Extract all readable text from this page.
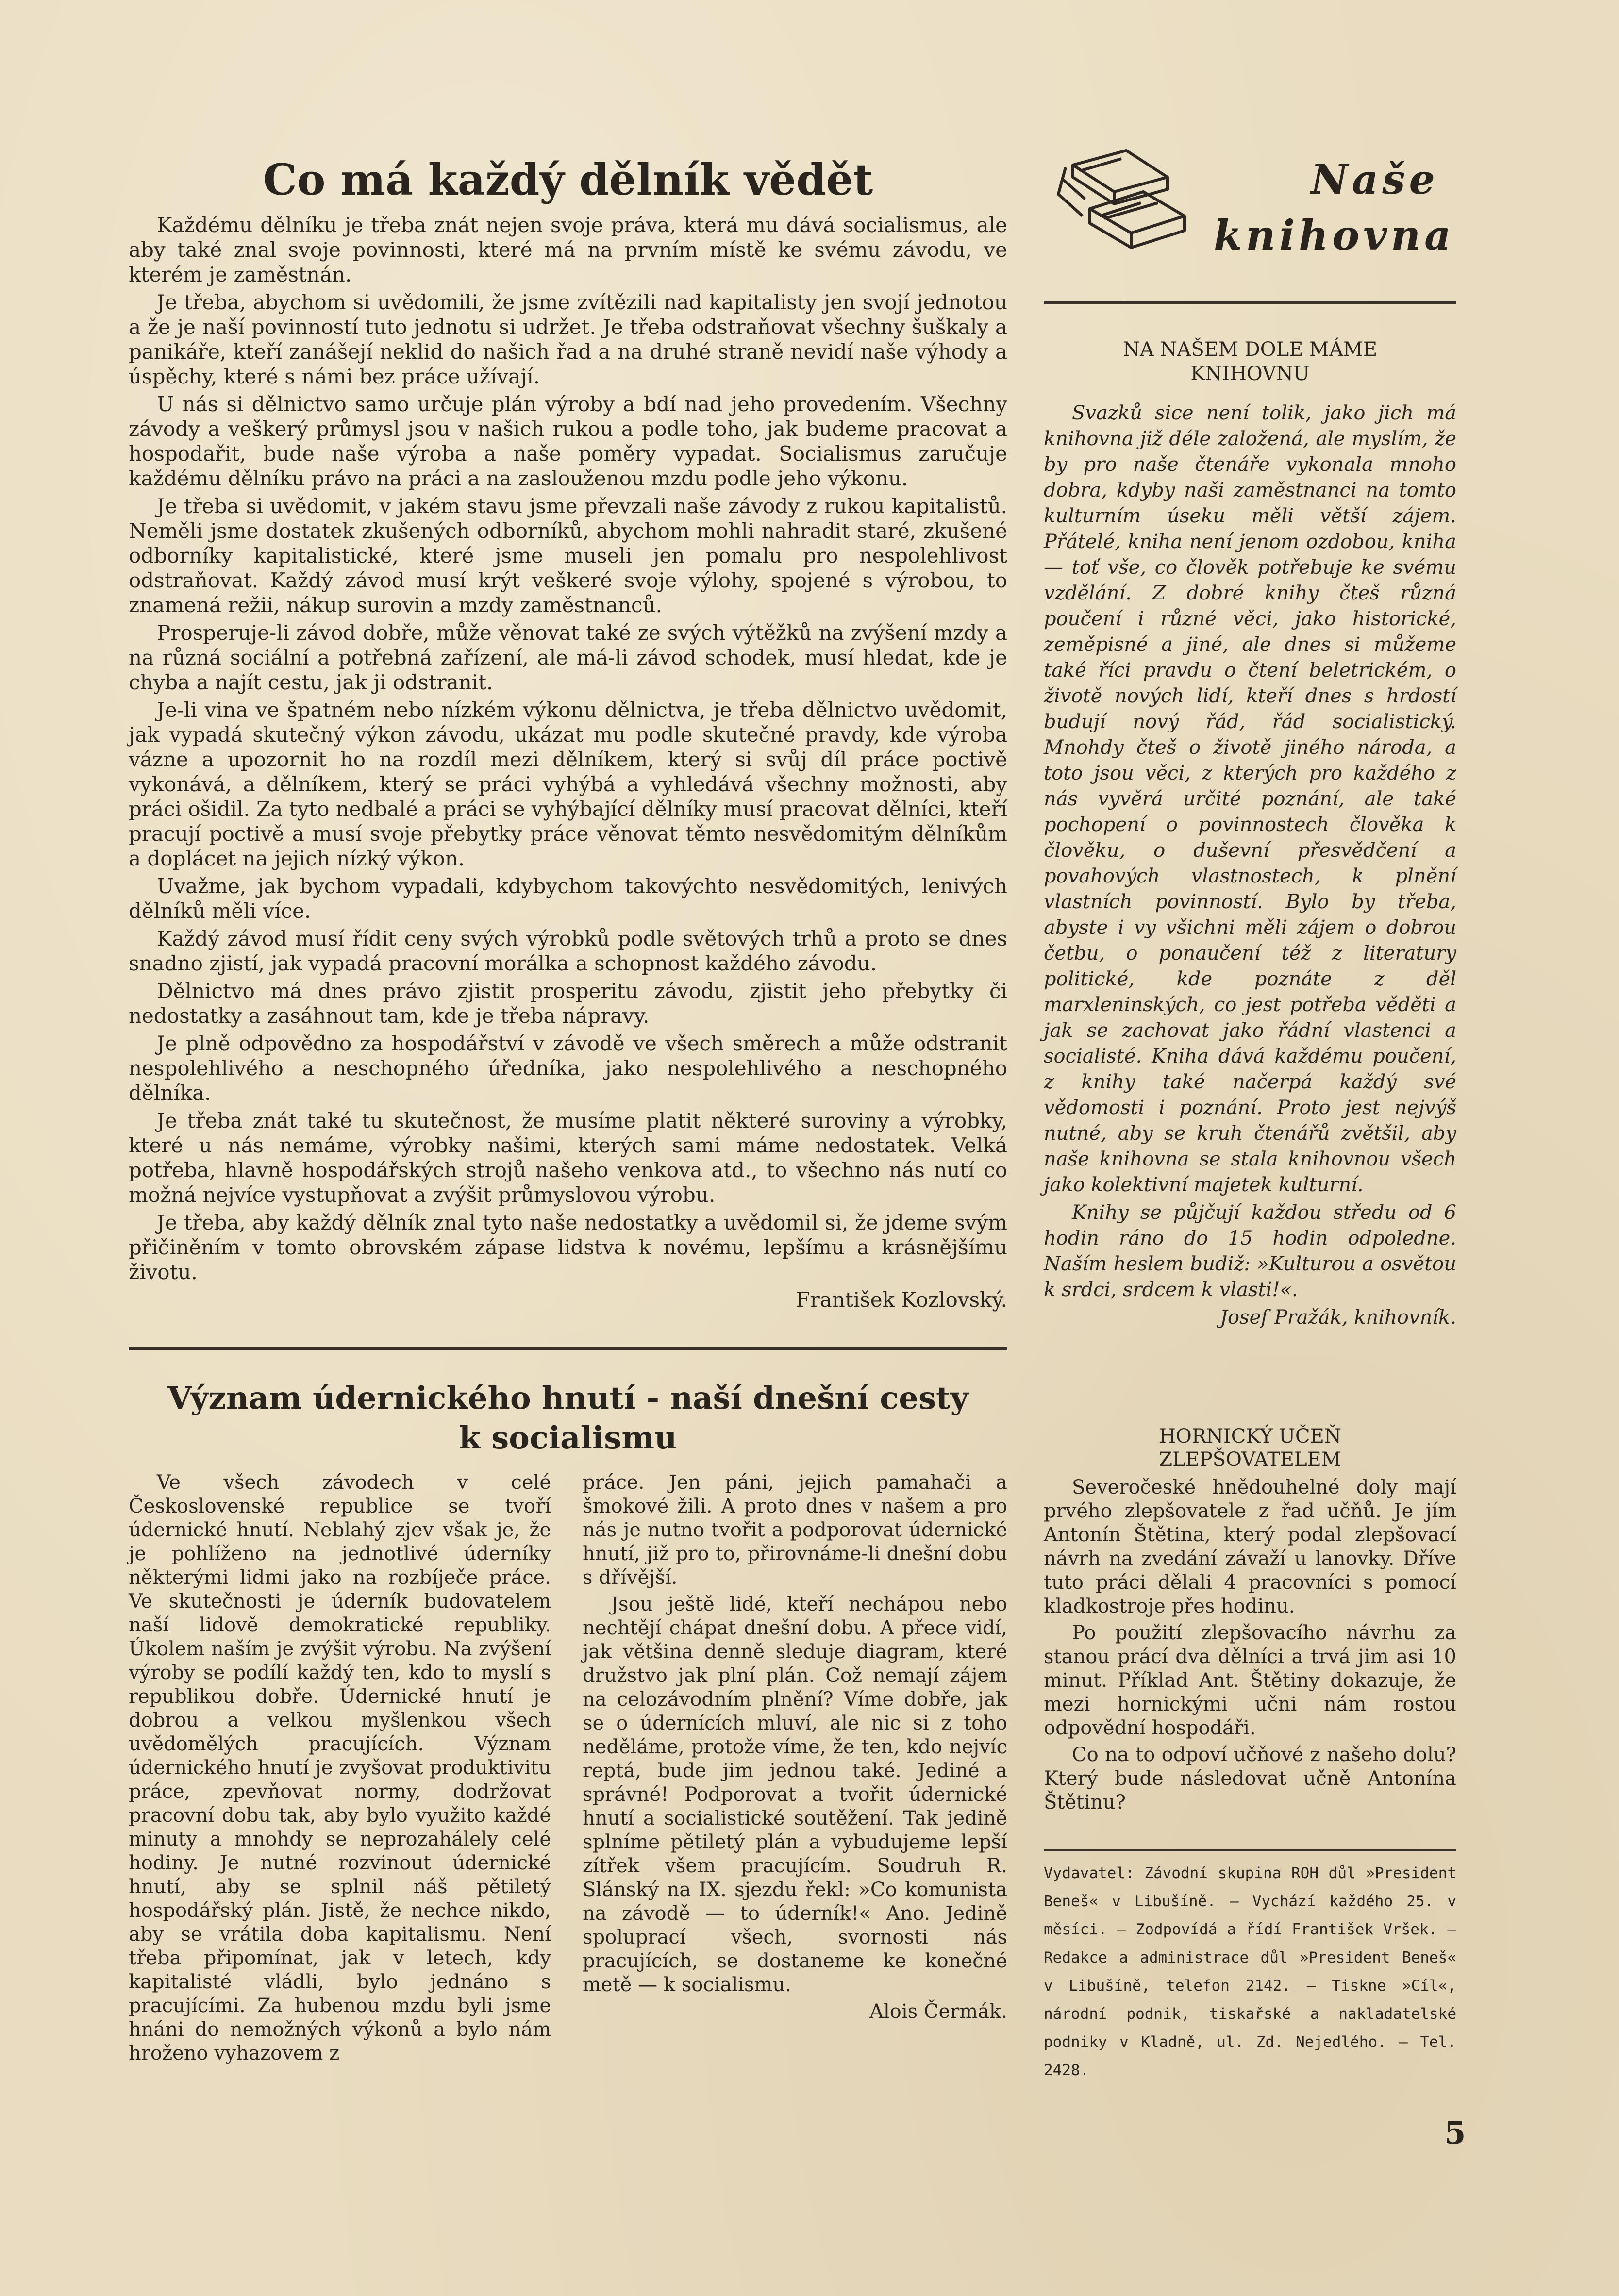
Co má každý dělník vědět

Každému dělníku je třeba znát nejen svoje práva, která mu dává socialismus, ale aby také znal svoje povinnosti, které má na prvním místě ke svému závodu, ve kterém je zaměstnán.

Je třeba, abychom si uvědomili, že jsme zvítězili nad kapitalisty jen svojí jednotou a že je naší povinností tuto jednotu si udržet. Je třeba odstraňovat všechny šuškaly a panikáře, kteří zanášejí neklid do našich řad a na druhé straně nevidí naše výhody a úspěchy, které s námi bez práce užívají.

U nás si dělnictvo samo určuje plán výroby a bdí nad jeho provedením. Všechny závody a veškerý průmysl jsou v našich rukou a podle toho, jak budeme pracovat a hospodařit, bude naše výroba a naše poměry vypadat. Socialismus zaručuje každému dělníku právo na práci a na zaslouženou mzdu podle jeho výkonu.

Je třeba si uvědomit, v jakém stavu jsme převzali naše závody z rukou kapitalistů. Neměli jsme dostatek zkušených odborníků, abychom mohli nahradit staré, zkušené odborníky kapitalistické, které jsme museli jen pomalu pro nespolehlivost odstraňovat. Každý závod musí krýt veškeré svoje výlohy, spojené s výrobou, to znamená režii, nákup surovin a mzdy zaměstnanců.

Prosperuje-li závod dobře, může věnovat také ze svých výtěžků na zvýšení mzdy a na různá sociální a potřebná zařízení, ale má-li závod schodek, musí hledat, kde je chyba a najít cestu, jak ji odstranit.

Je-li vina ve špatném nebo nízkém výkonu dělnictva, je třeba dělnictvo uvědomit, jak vypadá skutečný výkon závodu, ukázat mu podle skutečné pravdy, kde výroba vázne a upozornit ho na rozdíl mezi dělníkem, který si svůj díl práce poctivě vykonává, a dělníkem, který se práci vyhýbá a vyhledává všechny možnosti, aby práci ošidil. Za tyto nedbalé a práci se vyhýbající dělníky musí pracovat dělníci, kteří pracují poctivě a musí svoje přebytky práce věnovat těmto nesvědomitým dělníkům a doplácet na jejich nízký výkon.

Uvažme, jak bychom vypadali, kdybychom takovýchto nesvědomitých, lenivých dělníků měli více.

Každý závod musí řídit ceny svých výrobků podle světových trhů a proto se dnes snadno zjistí, jak vypadá pracovní morálka a schopnost každého závodu.

Dělnictvo má dnes právo zjistit prosperitu závodu, zjistit jeho přebytky či nedostatky a zasáhnout tam, kde je třeba nápravy.

Je plně odpovědno za hospodářství v závodě ve všech směrech a může odstranit nespolehlivého a neschopného úředníka, jako nespolehlivého a neschopného dělníka.

Je třeba znát také tu skutečnost, že musíme platit některé suroviny a výrobky, které u nás nemáme, výrobky našimi, kterých sami máme nedostatek. Velká potřeba, hlavně hospodářských strojů našeho venkova atd., to všechno nás nutí co možná nejvíce vystupňovat a zvýšit průmyslovou výrobu.

Je třeba, aby každý dělník znal tyto naše nedostatky a uvědomil si, že jdeme svým přičiněním v tomto obrovském zápase lidstva k novému, lepšímu a krásnějšímu životu.

František Kozlovský.

Význam údernického hnutí - naší dnešní cesty
k socialismu

Ve všech závodech v celé Československé republice se tvoří údernické hnutí. Neblahý zjev však je, že je pohlíženo na jednotlivé úderníky některými lidmi jako na rozbíječe práce. Ve skutečnosti je úderník budovatelem naší lidově demokratické republiky. Úkolem naším je zvýšit výrobu. Na zvýšení výroby se podílí každý ten, kdo to myslí s republikou dobře. Údernické hnutí je dobrou a velkou myšlenkou všech uvědomělých pracujících. Význam údernického hnutí je zvyšovat produktivitu práce, zpevňovat normy, dodržovat pracovní dobu tak, aby bylo využito každé minuty a mnohdy se neprozahálely celé hodiny. Je nutné rozvinout údernické hnutí, aby se splnil náš pětiletý hospodářský plán. Jistě, že nechce nikdo, aby se vrátila doba kapitalismu. Není třeba připomínat, jak v letech, kdy kapitalisté vládli, bylo jednáno s pracujícími. Za hubenou mzdu byli jsme hnáni do nemožných výkonů a bylo nám hroženo vyhazovem z

práce. Jen páni, jejich pamahači a šmokové žili. A proto dnes v našem a pro nás je nutno tvořit a podporovat údernické hnutí, již pro to, přirovnáme-li dnešní dobu s dřívější.

Jsou ještě lidé, kteří nechápou nebo nechtějí chápat dnešní dobu. A přece vidí, jak většina denně sleduje diagram, které družstvo jak plní plán. Což nemají zájem na celozávodním plnění? Víme dobře, jak se o údernících mluví, ale nic si z toho neděláme, protože víme, že ten, kdo nejvíc reptá, bude jim jednou také. Jediné a správné! Podporovat a tvořit údernické hnutí a socialistické soutěžení. Tak jedině splníme pětiletý plán a vybudujeme lepší zítřek všem pracujícím. Soudruh R. Slánský na IX. sjezdu řekl: »Co komunista na závodě — to úderník!« Ano. Jedině spoluprací všech, svornosti nás pracujících, se dostaneme ke konečné metě — k socialismu.

Alois Čermák.

Naše

knihovna

NA NAŠEM DOLE MÁME
KNIHOVNU

Svazků sice není tolik, jako jich má knihovna již déle založená, ale myslím, že by pro naše čtenáře vykonala mnoho dobra, kdyby naši zaměstnanci na tomto kulturním úseku měli větší zájem. Přátelé, kniha není jenom ozdobou, kniha — toť vše, co člověk potřebuje ke svému vzdělání. Z dobré knihy čteš různá poučení i různé věci, jako historické, zeměpisné a jiné, ale dnes si můžeme také říci pravdu o čtení beletrickém, o životě nových lidí, kteří dnes s hrdostí budují nový řád, řád socialistický. Mnohdy čteš o životě jiného národa, a toto jsou věci, z kterých pro každého z nás vyvěrá určité poznání, ale také pochopení o povinnostech člověka k člověku, o duševní přesvědčení a povahových vlastnostech, k plnění vlastních povinností. Bylo by třeba, abyste i vy všichni měli zájem o dobrou četbu, o ponaučení též z literatury politické, kde poznáte z děl marxleninských, co jest potřeba věděti a jak se zachovat jako řádní vlastenci a socialisté. Kniha dává každému poučení, z knihy také načerpá každý své vědomosti i poznání. Proto jest nejvýš nutné, aby se kruh čtenářů zvětšil, aby naše knihovna se stala knihovnou všech jako kolektivní majetek kulturní.

Knihy se půjčují každou středu od 6 hodin ráno do 15 hodin odpoledne. Naším heslem budiž: »Kulturou a osvětou k srdci, srdcem k vlasti!«.

Josef Pražák, knihovník.

HORNICKÝ UČEŇ
ZLEPŠOVATELEM

Severočeské hnědouhelné doly mají prvého zlepšovatele z řad učňů. Je jím Antonín Štětina, který podal zlepšovací návrh na zvedání závaží u lanovky. Dříve tuto práci dělali 4 pracovníci s pomocí kladkostroje přes hodinu.

Po použití zlepšovacího návrhu za stanou prácí dva dělníci a trvá jim asi 10 minut. Příklad Ant. Štětiny dokazuje, že mezi hornickými učni nám rostou odpovědní hospodáři.

Co na to odpoví učňové z našeho dolu? Který bude následovat učně Antonína Štětinu?

Vydavatel: Závodní skupina ROH důl »President Beneš« v Libušíně. — Vychází každého 25. v měsíci. — Zodpovídá a řídí František Vršek. — Redakce a administrace důl »President Beneš« v Libušíně, telefon 2142. — Tiskne »Cíl«, národní podnik, tiskařské a nakladatelské podniky v Kladně, ul. Zd. Nejedlého. — Tel. 2428.

5
